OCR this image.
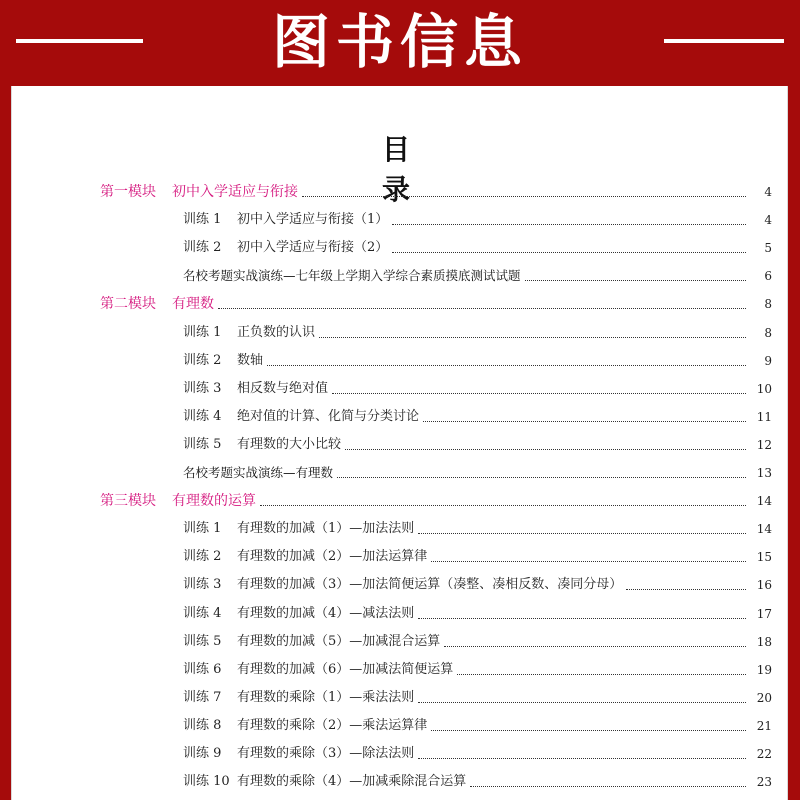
图书信息
目录
第一模块 初中入学适应与衔接	4
训练 1 初中入学适应与衔接（1）	4
训练 2 初中入学适应与衔接（2）	5
名校考题实战演练—七年级上学期入学综合素质摸底测试试题	6
第二模块 有理数	8
训练 1 正负数的认识	8
训练 2 数轴	9
训练 3 相反数与绝对值	10
训练 4 绝对值的计算、化简与分类讨论	11
训练 5 有理数的大小比较	12
名校考题实战演练—有理数	13
第三模块 有理数的运算	14
训练 1 有理数的加减（1）—加法法则	14
训练 2 有理数的加减（2）—加法运算律	15
训练 3 有理数的加减（3）—加法简便运算（凑整、凑相反数、凑同分母）	16
训练 4 有理数的加减（4）—减法法则	17
训练 5 有理数的加减（5）—加减混合运算	18
训练 6 有理数的加减（6）—加减法简便运算	19
训练 7 有理数的乘除（1）—乘法法则	20
训练 8 有理数的乘除（2）—乘法运算律	21
训练 9 有理数的乘除（3）—除法法则	22
训练 10 有理数的乘除（4）—加减乘除混合运算	23
